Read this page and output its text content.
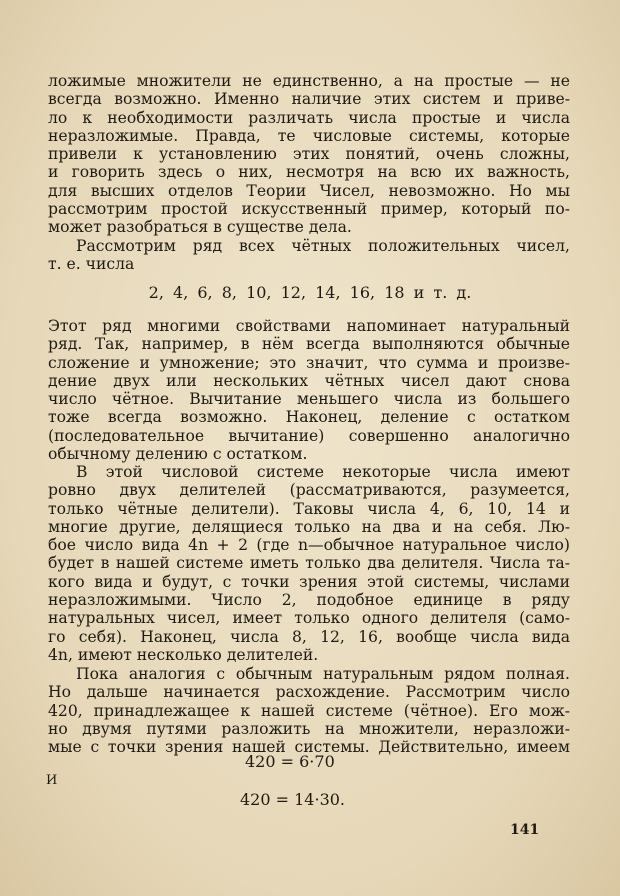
ложимые множители не единственно, а на простые — не
всегда возможно. Именно наличие этих систем и приве-
ло к необходимости различать числа простые и числа
неразложимые. Правда, те числовые системы, которые
привели к установлению этих понятий, очень сложны,
и говорить здесь о них, несмотря на всю их важность,
для высших отделов Теории Чисел, невозможно. Но мы
рассмотрим простой искусственный пример, который по-
может разобраться в существе дела.
Рассмотрим ряд всех чётных положительных чисел,
т. е. числа
2, 4, 6, 8, 10, 12, 14, 16, 18 и т. д.
Этот ряд многими свойствами напоминает натуральный
ряд. Так, например, в нём всегда выполняются обычные
сложение и умножение; это значит, что сумма и произве-
дение двух или нескольких чётных чисел дают снова
число чётное. Вычитание меньшего числа из большего
тоже всегда возможно. Наконец, деление с остатком
(последовательное вычитание) совершенно аналогично
обычному делению с остатком.
В этой числовой системе некоторые числа имеют
ровно двух делителей (рассматриваются, разумеется,
только чётные делители). Таковы числа 4, 6, 10, 14 и
многие другие, делящиеся только на два и на себя. Лю-
бое число вида 4n + 2 (где n—обычное натуральное число)
будет в нашей системе иметь только два делителя. Числа та-
кого вида и будут, с точки зрения этой системы, числами
неразложимыми. Число 2, подобное единице в ряду
натуральных чисел, имеет только одного делителя (само-
го себя). Наконец, числа 8, 12, 16, вообще числа вида
4n, имеют несколько делителей.
Пока аналогия с обычным натуральным рядом полная.
Но дальше начинается расхождение. Рассмотрим число
420, принадлежащее к нашей системе (чётное). Его мож-
но двумя путями разложить на множители, неразложи-
мые с точки зрения нашей системы. Действительно, имеем
420 = 6·70
420 = 14·30.
И
141
